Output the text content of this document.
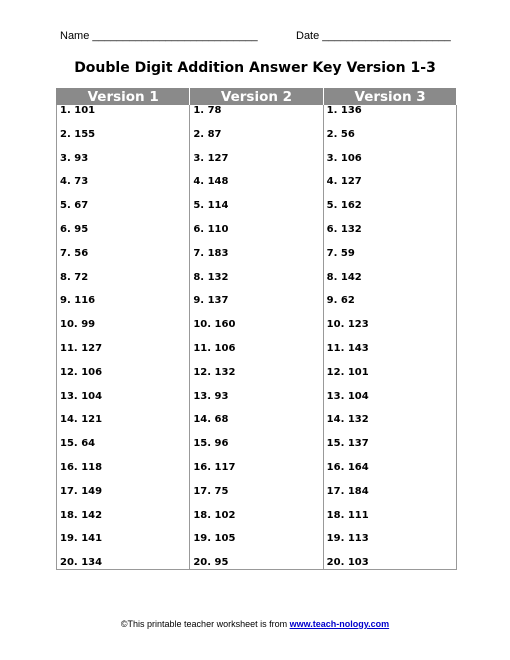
Name ___________________________	Date _____________________
Double Digit Addition Answer Key Version 1-3
Version 1	Version 2	Version 3
1. 101	1. 78	1. 136
2. 155	2. 87	2. 56
3. 93	3. 127	3. 106
4. 73	4. 148	4. 127
5. 67	5. 114	5. 162
6. 95	6. 110	6. 132
7. 56	7. 183	7. 59
8. 72	8. 132	8. 142
9. 116	9. 137	9. 62
10. 99	10. 160	10. 123
11. 127	11. 106	11. 143
12. 106	12. 132	12. 101
13. 104	13. 93	13. 104
14. 121	14. 68	14. 132
15. 64	15. 96	15. 137
16. 118	16. 117	16. 164
17. 149	17. 75	17. 184
18. 142	18. 102	18. 111
19. 141	19. 105	19. 113
20. 134	20. 95	20. 103
©This printable teacher worksheet is from www.teach-nology.com
